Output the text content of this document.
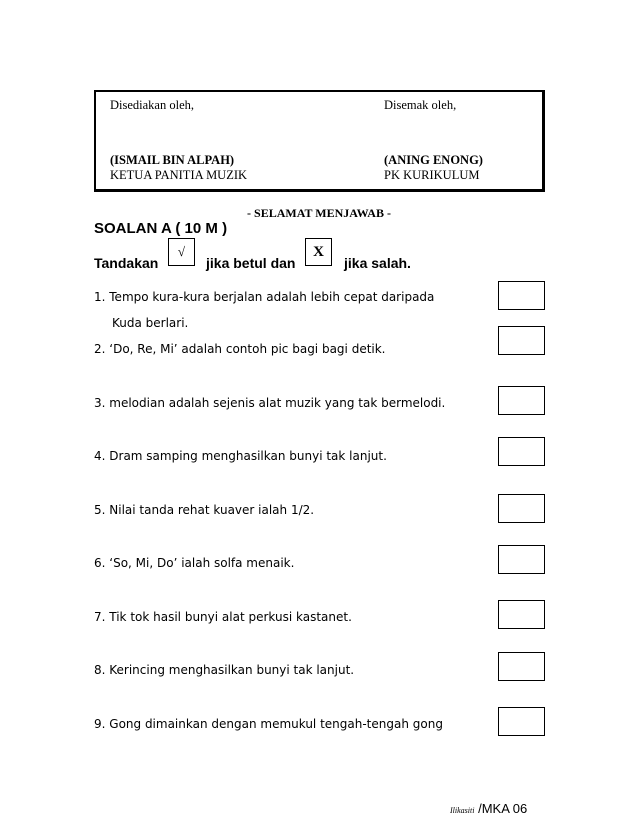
Disediakan oleh,	Disemak oleh,
(ISMAIL BIN ALPAH)	(ANING ENONG)
KETUA PANITIA MUZIK	PK KURIKULUM
- SELAMAT MENJAWAB -
SOALAN A ( 10 M )
Tandakan
√
jika betul dan
X
jika salah.
1. Tempo kura-kura berjalan adalah lebih cepat daripada
Kuda berlari.
2. ‘Do, Re, Mi’ adalah contoh pic bagi bagi detik.
3. melodian adalah sejenis alat muzik yang tak bermelodi.
4. Dram samping menghasilkan bunyi tak lanjut.
5. Nilai tanda rehat kuaver ialah 1/2.
6. ‘So, Mi, Do’ ialah solfa menaik.
7. Tik tok hasil bunyi alat perkusi kastanet.
8. Kerincing menghasilkan bunyi tak lanjut.
9. Gong dimainkan dengan memukul tengah-tengah gong
Ilikasiti /MKA 06
